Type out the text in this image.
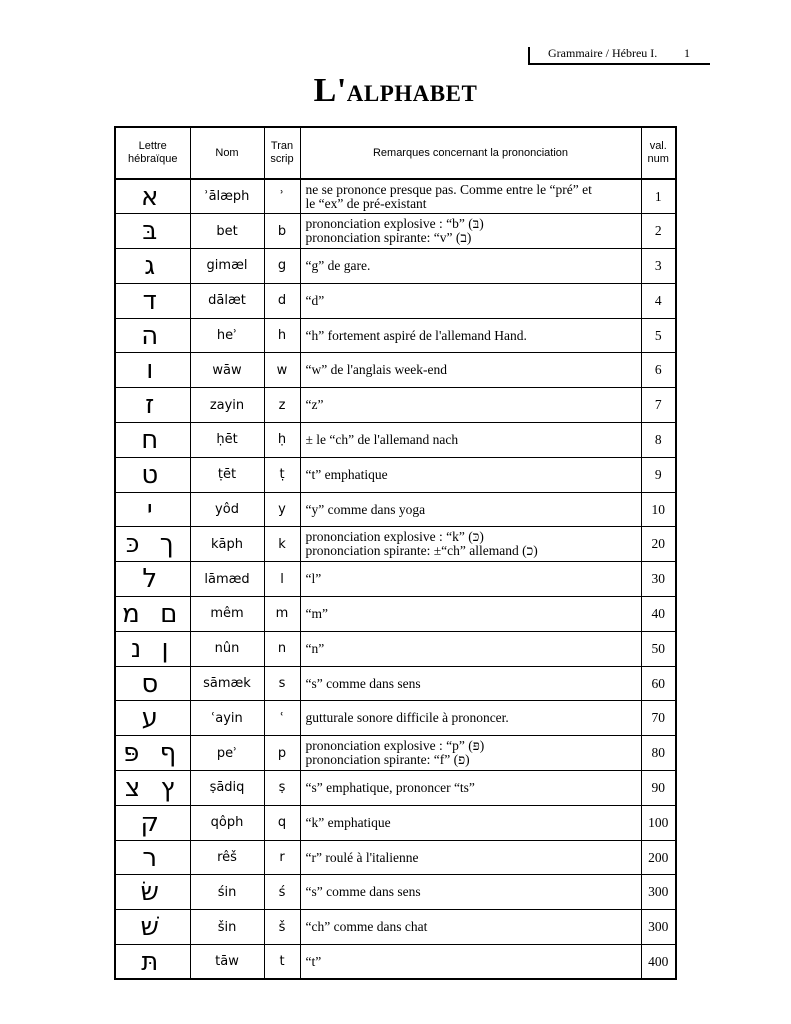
Grammaire / Hébreu I. 1
L'ALPHABET
Lettre
hébraïque	Nom	Tran
scrip	Remarques concernant la prononciation	val.
num
א	ʾālæph	ʾ	ne se prononce presque pas. Comme entre le “pré” et
le “ex” de pré-existant	1
בּ	bet	b	prononciation explosive : “b” (בּ)
prononciation spirante: “v” (ב)	2
ג	gimæl	g	“g” de gare.	3
ד	dālæt	d	“d”	4
ה	heʾ	h	“h” fortement aspiré de l'allemand Hand.	5
ו	wāw	w	“w” de l'anglais week-end	6
ז	zayin	z	“z”	7
ח	ḥēt	ḥ	± le “ch” de l'allemand nach	8
ט	ṭēt	ṭ	“t” emphatique	9
י	yôd	y	“y” comme dans yoga	10
ך כּ	kāph	k	prononciation explosive : “k” (כּ)
prononciation spirante: ±“ch” allemand (כ)	20
ל	lāmæd	l	“l”	30
ם מ	mêm	m	“m”	40
ן נ	nûn	n	“n”	50
ס	sāmæk	s	“s” comme dans sens	60
ע	ʿayin	ʿ	gutturale sonore difficile à prononcer.	70
ף פּ	peʾ	p	prononciation explosive : “p” (פּ)
prononciation spirante: “f” (פ)	80
ץ צ	ṣādiq	ṣ	“s” emphatique, prononcer “ts”	90
ק	qôph	q	“k” emphatique	100
ר	rêš	r	“r” roulé à l'italienne	200
שׂ	śin	ś	“s” comme dans sens	300
שׁ	šin	š	“ch” comme dans chat	300
תּ	tāw	t	“t”	400
